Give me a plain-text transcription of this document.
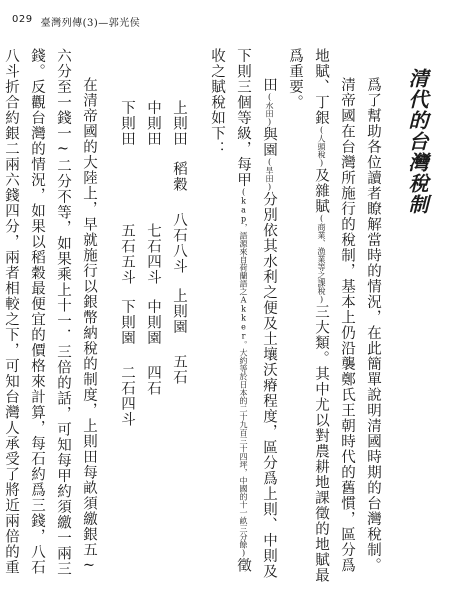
029 臺灣列傳(3)—郭光侯
清代的台灣稅制

爲了幫助各位讀者瞭解當時的情況，在此簡單說明清國時期的台灣稅制。

清帝國在台灣所施行的稅制，基本上仍沿襲鄭氏王朝時代的舊慣，區分爲地賦、丁銀(人頭稅)及雜賦(商業、漁業等之課稅)三大類。其中尤以對農耕地課徵的地賦最爲重要。

田(水田)與園(旱田)分別依其水利之便及土壤沃瘠程度，區分爲上則、中則及下則三個等級，每甲(kap，語源來自荷蘭語之Akker。大約等於日本的二十九百三十四坪，中國的十一畝三分餘)徵收之賦稅如下：

上則田稻穀八石八斗上則園五石
中則田七石四斗中則園四石
下則田五石五斗下則園二石四斗

在清帝國的大陸上，早就施行以銀幣納稅的制度，上則田每畝須繳銀五~六分至一錢一~二分不等，如果乘上十一．三倍的話，可知每甲約須繳一兩三錢。反觀台灣的情況，如果以稻穀最便宜的價格來計算，每石約爲三錢，八石八斗折合約銀二兩六錢四分，兩者相較之下，可知台灣人承受了將近兩倍的重
